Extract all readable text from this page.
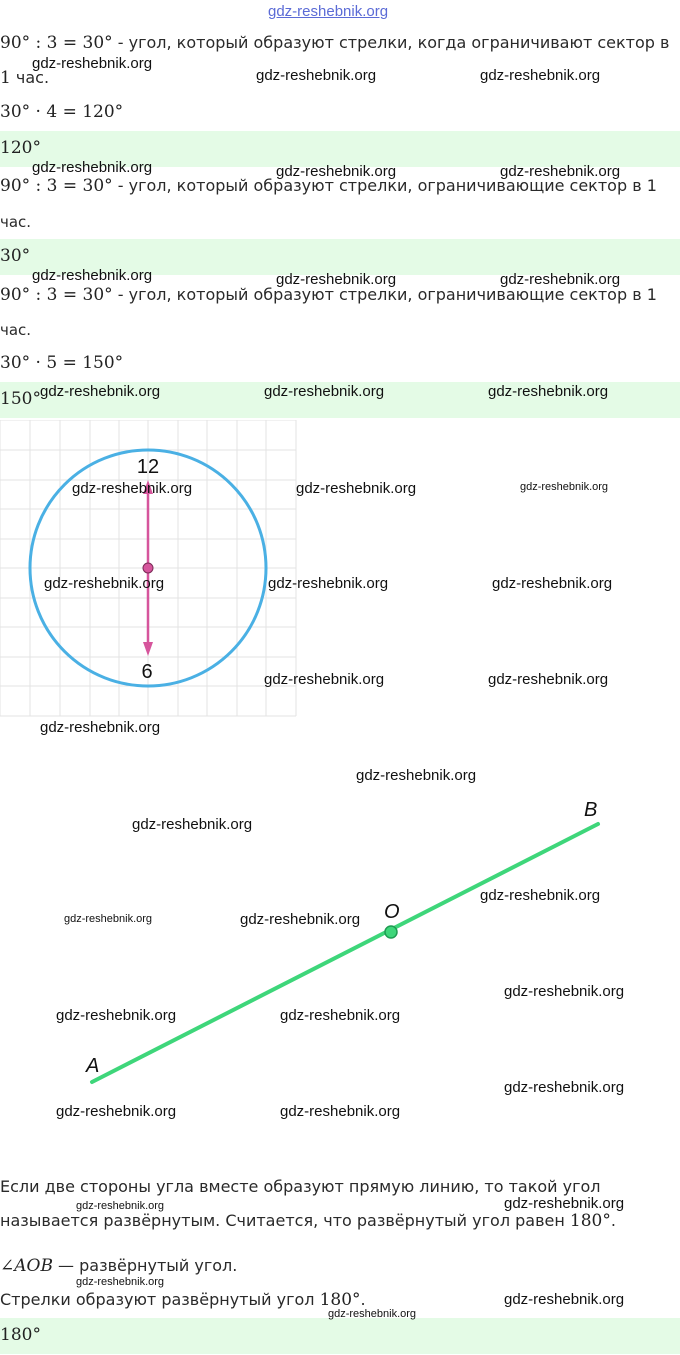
gdz-reshebnik.org
90° : 3 = 30° - угол, который образуют стрелки, когда ограничивают сектор в
1 час.
30° · 4 = 120°
120°
90° : 3 = 30° - угол, который образуют стрелки, ограничивающие сектор в 1
час.
30°
90° : 3 = 30° - угол, который образуют стрелки, ограничивающие сектор в 1
час.
30° · 5 = 150°
150°
12
6
A
B
O
Если две стороны угла вместе образуют прямую линию, то такой угол
называется развёрнутым. Считается, что развёрнутый угол равен 180°.
∠AOB — развёрнутый угол.
Стрелки образуют развёрнутый угол 180°.
180°
gdz-reshebnik.org
gdz-reshebnik.org	gdz-reshebnik.org
gdz-reshebnik.org	gdz-reshebnik.org	gdz-reshebnik.org
gdz-reshebnik.org	gdz-reshebnik.org	gdz-reshebnik.org
gdz-reshebnik.org	gdz-reshebnik.org	gdz-reshebnik.org
gdz-reshebnik.org	gdz-reshebnik.org	gdz-reshebnik.org
gdz-reshebnik.org	gdz-reshebnik.org	gdz-reshebnik.org
gdz-reshebnik.org	gdz-reshebnik.org
gdz-reshebnik.org
gdz-reshebnik.org
gdz-reshebnik.org
gdz-reshebnik.org
gdz-reshebnik.org	gdz-reshebnik.org
gdz-reshebnik.org
gdz-reshebnik.org	gdz-reshebnik.org
gdz-reshebnik.org
gdz-reshebnik.org	gdz-reshebnik.org
gdz-reshebnik.org
gdz-reshebnik.org
gdz-reshebnik.org
gdz-reshebnik.org
gdz-reshebnik.org
